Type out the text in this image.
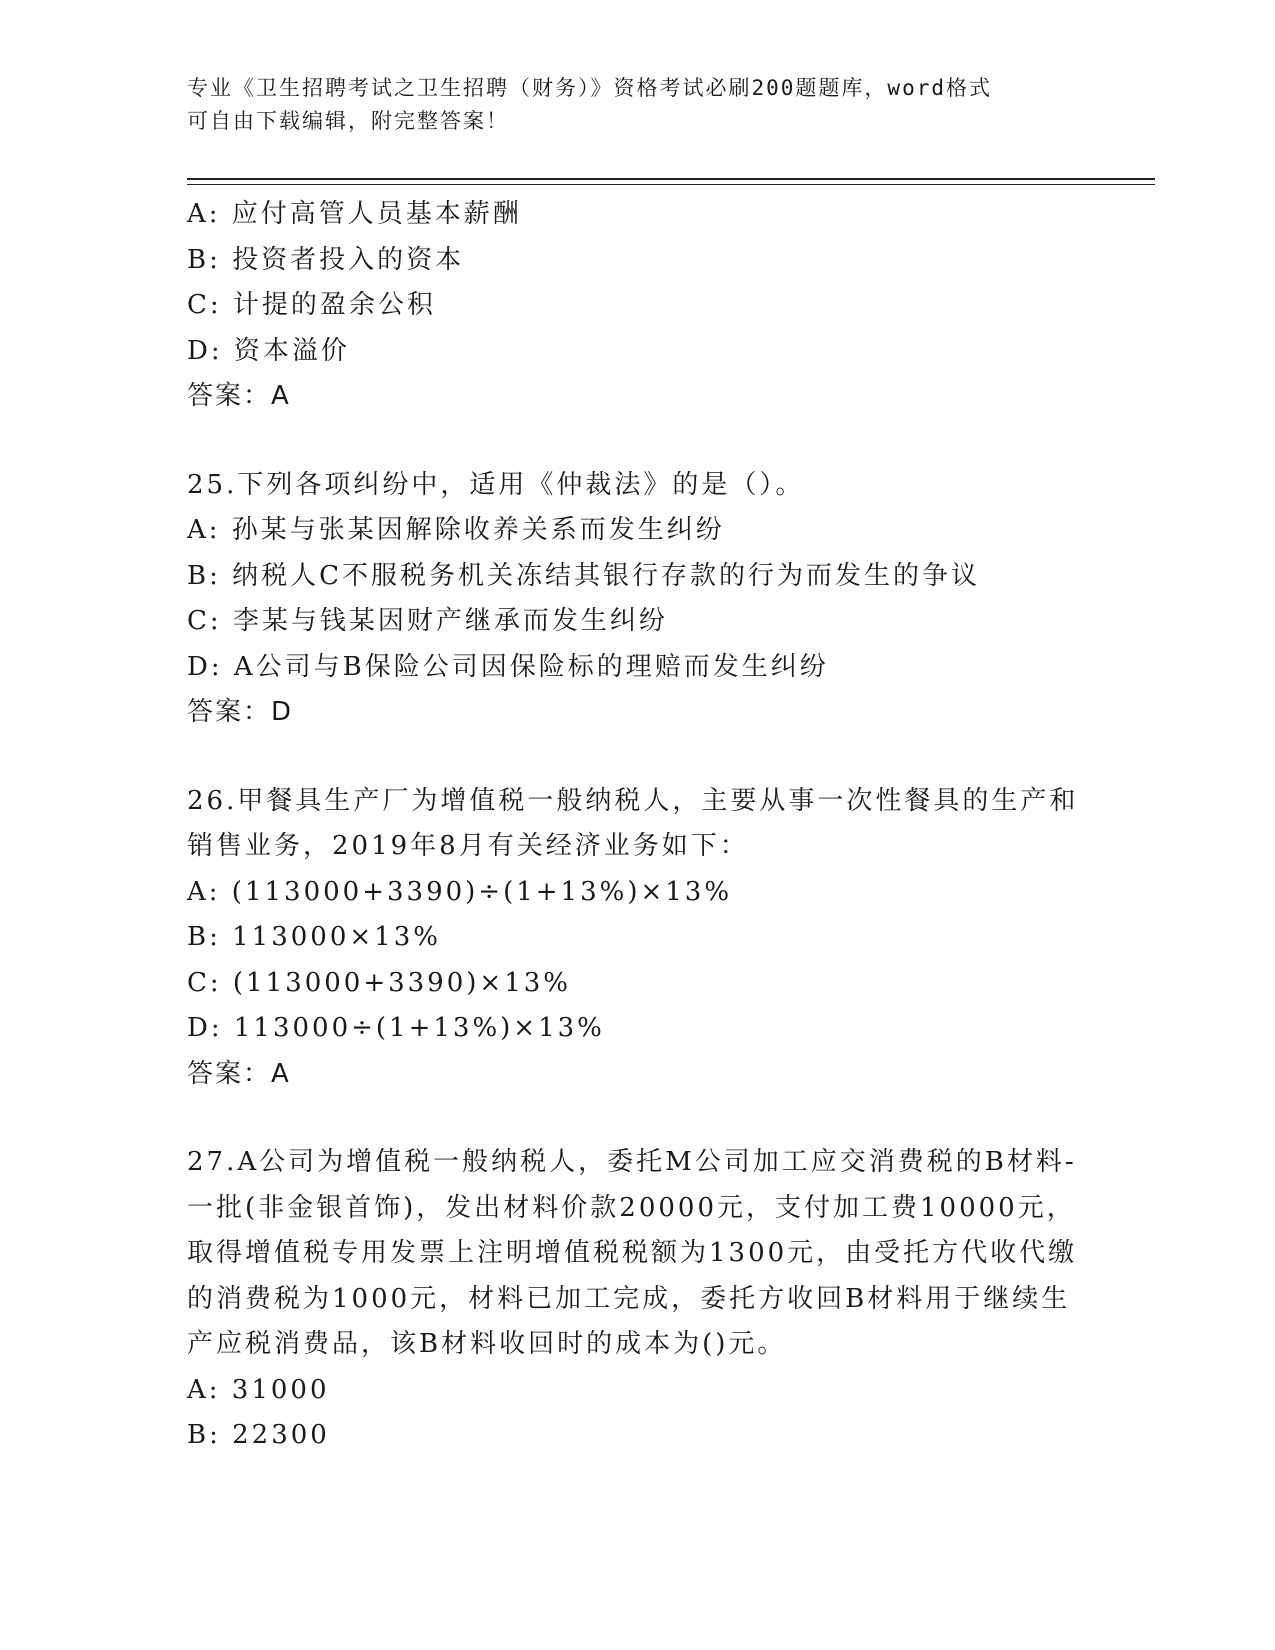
专业《卫生招聘考试之卫生招聘（财务）》资格考试必刷200题题库，word格式
可自由下载编辑，附完整答案！
A: 应付高管人员基本薪酬
B: 投资者投入的资本
C: 计提的盈余公积
D: 资本溢价
答案：A
25.下列各项纠纷中，适用《仲裁法》的是（）。
A: 孙某与张某因解除收养关系而发生纠纷
B: 纳税人C不服税务机关冻结其银行存款的行为而发生的争议
C: 李某与钱某因财产继承而发生纠纷
D: A公司与B保险公司因保险标的理赔而发生纠纷
答案：D
26.甲餐具生产厂为增值税一般纳税人，主要从事一次性餐具的生产和
销售业务，2019年8月有关经济业务如下：
A: (113000+3390)÷(1+13%)×13%
B: 113000×13%
C: (113000+3390)×13%
D: 113000÷(1+13%)×13%
答案：A
27.A公司为增值税一般纳税人，委托M公司加工应交消费税的B材料-
一批(非金银首饰)，发出材料价款20000元，支付加工费10000元，
取得增值税专用发票上注明增值税税额为1300元，由受托方代收代缴
的消费税为1000元，材料已加工完成，委托方收回B材料用于继续生
产应税消费品，该B材料收回时的成本为()元。
A: 31000
B: 22300
